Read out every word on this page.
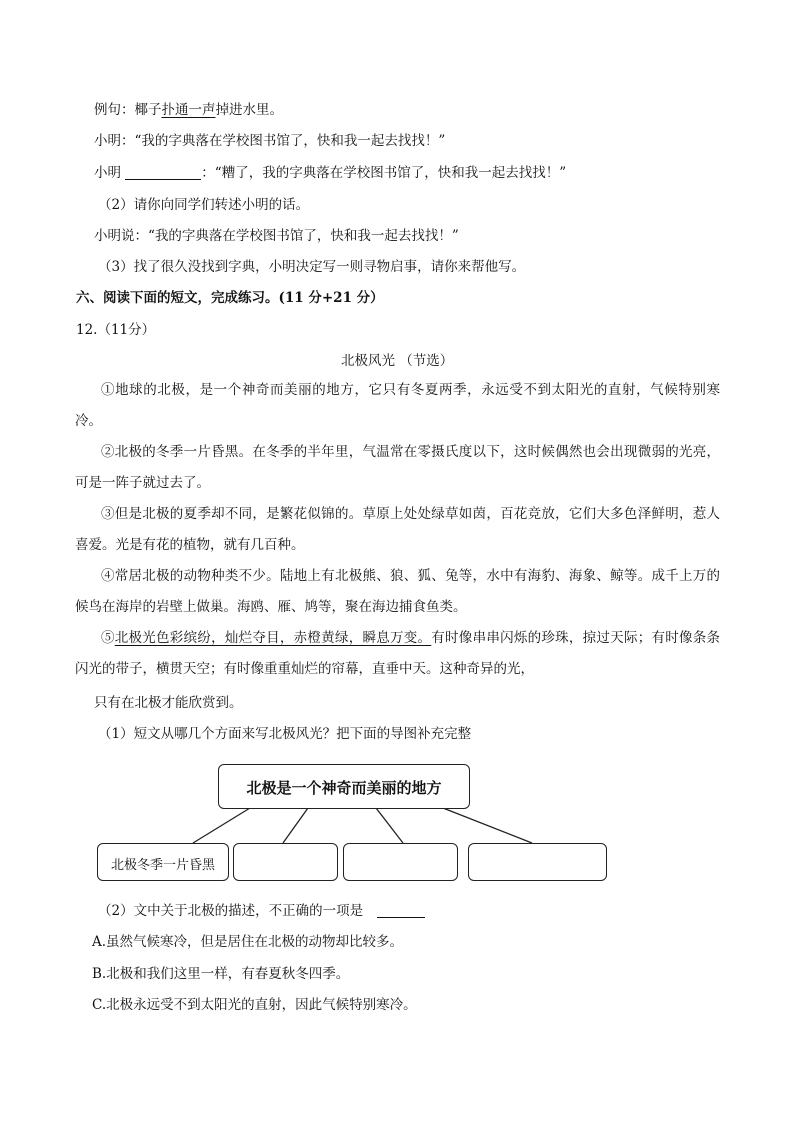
例句：椰子扑通一声掉进水里。
小明：“我的字典落在学校图书馆了，快和我一起去找找！”
小明	：“糟了，我的字典落在学校图书馆了，快和我一起去找找！”
（2）请你向同学们转述小明的话。
小明说：“我的字典落在学校图书馆了，快和我一起去找找！”
（3）找了很久没找到字典，小明决定写一则寻物启事，请你来帮他写。
六、阅读下面的短文，完成练习。(11 分+21 分）
12.（11分）
北极风光 （节选）
①地球的北极，是一个神奇而美丽的地方，它只有冬夏两季，永远受不到太阳光的直射，气候特别寒冷。
②北极的冬季一片昏黑。在冬季的半年里，气温常在零摄氏度以下，这时候偶然也会出现微弱的光亮，可是一阵子就过去了。
③但是北极的夏季却不同，是繁花似锦的。草原上处处绿草如茵，百花竞放，它们大多色泽鲜明，惹人喜爱。光是有花的植物，就有几百种。
④常居北极的动物种类不少。陆地上有北极熊、狼、狐、兔等，水中有海豹、海象、鲸等。成千上万的候鸟在海岸的岩壁上做巢。海鸥、雁、鸠等，聚在海边捕食鱼类。
⑤北极光色彩缤纷，灿烂夺目，赤橙黄绿，瞬息万变。有时像串串闪烁的珍珠，掠过天际；有时像条条闪光的带子，横贯天空；有时像重重灿烂的帘幕，直垂中天。这种奇异的光，
只有在北极才能欣赏到。
（1）短文从哪几个方面来写北极风光？把下面的导图补充完整
北极是一个神奇而美丽的地方
北极冬季一片昏黑
（2）文中关于北极的描述，不正确的一项是
A.虽然气候寒冷，但是居住在北极的动物却比较多。
B.北极和我们这里一样，有春夏秋冬四季。
C.北极永远受不到太阳光的直射，因此气候特别寒冷。
